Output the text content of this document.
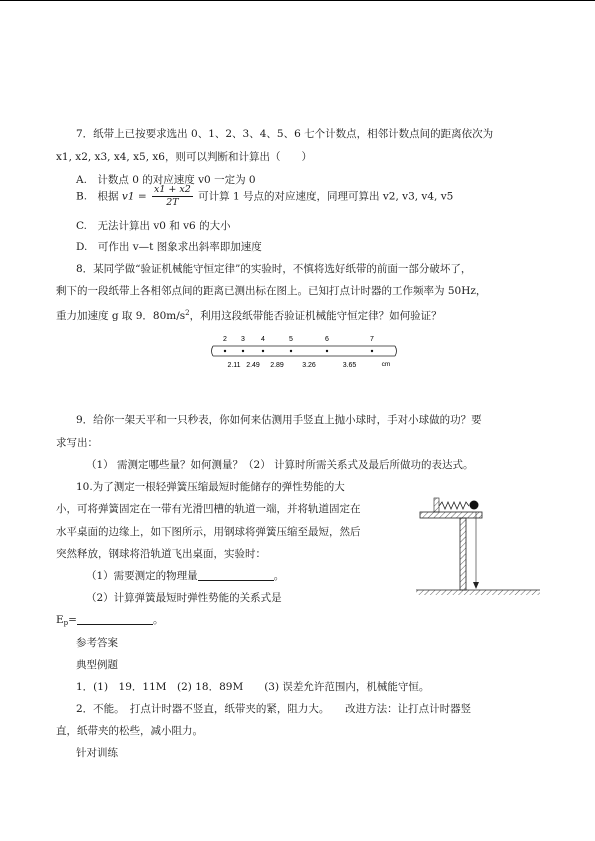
7．纸带上已按要求选出 0、1、2、3、4、5、6 七个计数点，相邻计数点间的距离依次为
x1, x2, x3, x4, x5, x6，则可以判断和计算出（　　）
A.　计数点 0 的对应速度 v0 一定为 0
B.　根据 $v1 = \frac{x1 + x2}{2T}$ 可计算 1 号点的对应速度，同理可算出 v2, v3, v4, v5
C.　无法计算出 v0 和 v6 的大小
D.　可作出 v—t 图象求出斜率即加速度
8．某同学做“验证机械能守恒定律”的实验时，不慎将选好纸带的前面一部分破坏了，
剩下的一段纸带上各相邻点间的距离已测出标在图上。已知打点计时器的工作频率为 50Hz，
重力加速度 g 取 9．$80m/s^2$，利用这段纸带能否验证机械能守恒定律？如何验证？
2 3 4	5	6	7
2.11 2.49 2.89	3.26	3.65	cm
9．给你一架天平和一只秒表，你如何来估测用手竖直上抛小球时，手对小球做的功？要
求写出：
（1） 需测定哪些量？如何测量？（2） 计算时所需关系式及最后所做功的表达式。
10.为了测定一根轻弹簧压缩最短时能储存的弹性势能的大
小，可将弹簧固定在一带有光滑凹槽的轨道一端，并将轨道固定在
水平桌面的边缘上，如下图所示，用钢球将弹簧压缩至最短，然后
突然释放，钢球将沿轨道飞出桌面，实验时：
（1）需要测定的物理量	。
（2）计算弹簧最短时弹性势能的关系式是
$E_p=$	。
参考答案
典型例题
1．(1)　19．11M　(2) 18．89M　　(3) 误差允许范围内，机械能守恒。
2．不能。　打点计时器不竖直，纸带夹的紧，阻力大。　　改进方法：让打点计时器竖
直，纸带夹的松些，减小阻力。
针对训练
